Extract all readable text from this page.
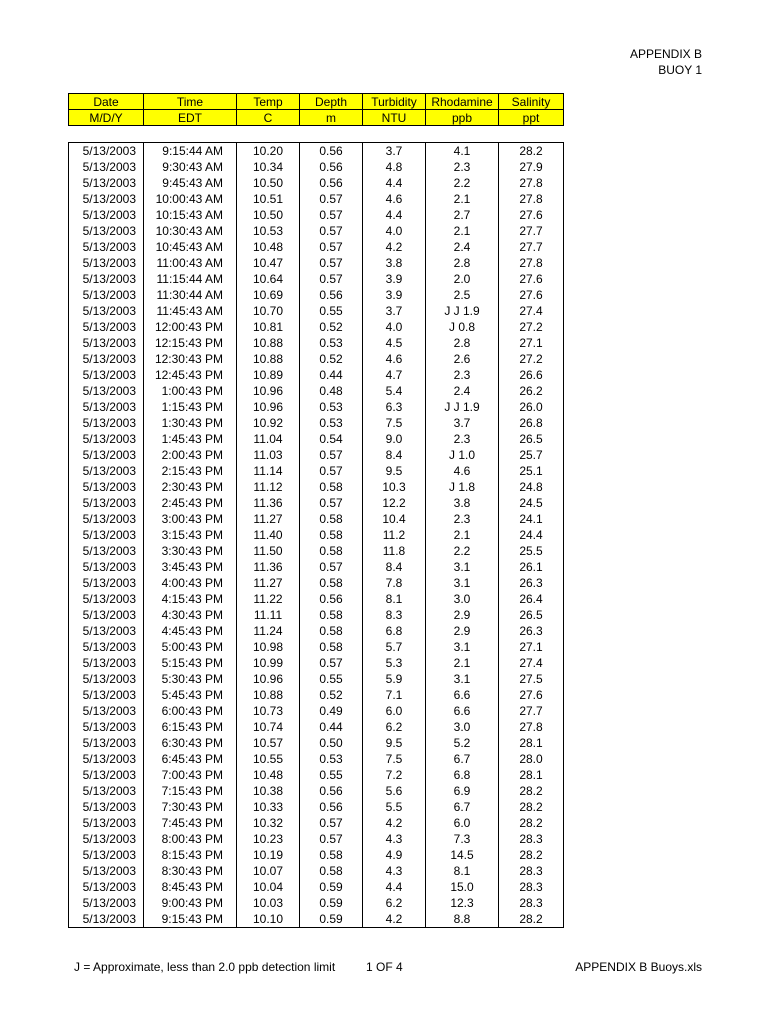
APPENDIX B
BUOY 1
Date	Time	Temp	Depth	Turbidity	Rhodamine	Salinity
M/D/Y	EDT	C	m	NTU	ppb	ppt
5/13/2003	9:15:44 AM	10.20	0.56	3.7	4.1	28.2
5/13/2003	9:30:43 AM	10.34	0.56	4.8	2.3	27.9
5/13/2003	9:45:43 AM	10.50	0.56	4.4	2.2	27.8
5/13/2003	10:00:43 AM	10.51	0.57	4.6	2.1	27.8
5/13/2003	10:15:43 AM	10.50	0.57	4.4	2.7	27.6
5/13/2003	10:30:43 AM	10.53	0.57	4.0	2.1	27.7
5/13/2003	10:45:43 AM	10.48	0.57	4.2	2.4	27.7
5/13/2003	11:00:43 AM	10.47	0.57	3.8	2.8	27.8
5/13/2003	11:15:44 AM	10.64	0.57	3.9	2.0	27.6
5/13/2003	11:30:44 AM	10.69	0.56	3.9	2.5	27.6
5/13/2003	11:45:43 AM	10.70	0.55	3.7	J J 1.9	27.4
5/13/2003	12:00:43 PM	10.81	0.52	4.0	J 0.8	27.2
5/13/2003	12:15:43 PM	10.88	0.53	4.5	2.8	27.1
5/13/2003	12:30:43 PM	10.88	0.52	4.6	2.6	27.2
5/13/2003	12:45:43 PM	10.89	0.44	4.7	2.3	26.6
5/13/2003	1:00:43 PM	10.96	0.48	5.4	2.4	26.2
5/13/2003	1:15:43 PM	10.96	0.53	6.3	J J 1.9	26.0
5/13/2003	1:30:43 PM	10.92	0.53	7.5	3.7	26.8
5/13/2003	1:45:43 PM	11.04	0.54	9.0	2.3	26.5
5/13/2003	2:00:43 PM	11.03	0.57	8.4	J 1.0	25.7
5/13/2003	2:15:43 PM	11.14	0.57	9.5	4.6	25.1
5/13/2003	2:30:43 PM	11.12	0.58	10.3	J 1.8	24.8
5/13/2003	2:45:43 PM	11.36	0.57	12.2	3.8	24.5
5/13/2003	3:00:43 PM	11.27	0.58	10.4	2.3	24.1
5/13/2003	3:15:43 PM	11.40	0.58	11.2	2.1	24.4
5/13/2003	3:30:43 PM	11.50	0.58	11.8	2.2	25.5
5/13/2003	3:45:43 PM	11.36	0.57	8.4	3.1	26.1
5/13/2003	4:00:43 PM	11.27	0.58	7.8	3.1	26.3
5/13/2003	4:15:43 PM	11.22	0.56	8.1	3.0	26.4
5/13/2003	4:30:43 PM	11.11	0.58	8.3	2.9	26.5
5/13/2003	4:45:43 PM	11.24	0.58	6.8	2.9	26.3
5/13/2003	5:00:43 PM	10.98	0.58	5.7	3.1	27.1
5/13/2003	5:15:43 PM	10.99	0.57	5.3	2.1	27.4
5/13/2003	5:30:43 PM	10.96	0.55	5.9	3.1	27.5
5/13/2003	5:45:43 PM	10.88	0.52	7.1	6.6	27.6
5/13/2003	6:00:43 PM	10.73	0.49	6.0	6.6	27.7
5/13/2003	6:15:43 PM	10.74	0.44	6.2	3.0	27.8
5/13/2003	6:30:43 PM	10.57	0.50	9.5	5.2	28.1
5/13/2003	6:45:43 PM	10.55	0.53	7.5	6.7	28.0
5/13/2003	7:00:43 PM	10.48	0.55	7.2	6.8	28.1
5/13/2003	7:15:43 PM	10.38	0.56	5.6	6.9	28.2
5/13/2003	7:30:43 PM	10.33	0.56	5.5	6.7	28.2
5/13/2003	7:45:43 PM	10.32	0.57	4.2	6.0	28.2
5/13/2003	8:00:43 PM	10.23	0.57	4.3	7.3	28.3
5/13/2003	8:15:43 PM	10.19	0.58	4.9	14.5	28.2
5/13/2003	8:30:43 PM	10.07	0.58	4.3	8.1	28.3
5/13/2003	8:45:43 PM	10.04	0.59	4.4	15.0	28.3
5/13/2003	9:00:43 PM	10.03	0.59	6.2	12.3	28.3
5/13/2003	9:15:43 PM	10.10	0.59	4.2	8.8	28.2
J = Approximate, less than 2.0 ppb detection limit	1 OF 4	APPENDIX B Buoys.xls
